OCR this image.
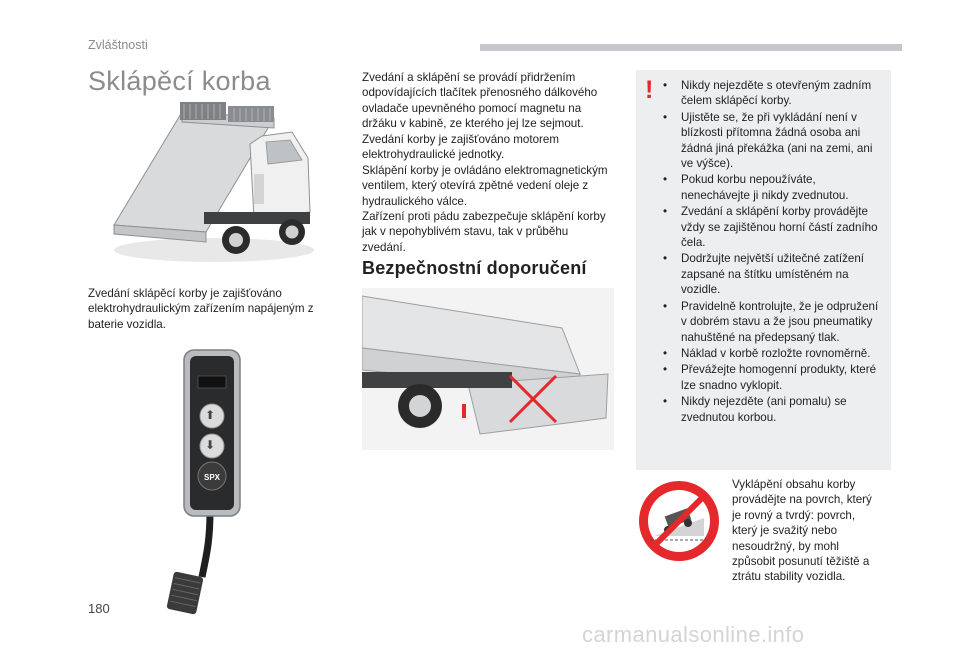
Zvláštnosti
Sklápěcí korba

Zvedání sklápěcí korby je zajišťováno elektrohydraulickým zařízením napájeným z baterie vozidla.

SPX
⬆
⬇

Zvedání a sklápění se provádí přidržením odpovídajících tlačítek přenosného dálkového ovladače upevněného pomocí magnetu na držáku v kabině, ze kterého jej lze sejmout.

Zvedání korby je zajišťováno motorem elektrohydraulické jednotky.

Sklápění korby je ovládáno elektromagnetickým ventilem, který otevírá zpětné vedení oleje z hydraulického válce.

Zařízení proti pádu zabezpečuje sklápění korby jak v nepohyblivém stavu, tak v průběhu zvedání.

Bezpečnostní doporučení
! • Nikdy nejezděte s otevřeným zadním čelem sklápěcí korby.
• Ujistěte se, že při vykládání není v blízkosti přítomna žádná osoba ani žádná jiná překážka (ani na zemi, ani ve výšce).
• Pokud korbu nepoužíváte, nenechávejte ji nikdy zvednutou.
• Zvedání a sklápění korby provádějte vždy se zajištěnou horní částí zadního čela.
• Dodržujte největší užitečné zatížení zapsané na štítku umístěném na vozidle.
• Pravidelně kontrolujte, že je odpružení v dobrém stavu a že jsou pneumatiky nahuštěné na předepsaný tlak.
• Náklad v korbě rozložte rovnoměrně.
• Převážejte homogenní produkty, které lze snadno vyklopit.
• Nikdy nejezděte (ani pomalu) se zvednutou korbou.

Vyklápění obsahu korby provádějte na povrch, který je rovný a tvrdý: povrch, který je svažitý nebo nesoudržný, by mohl způsobit posunutí těžiště a ztrátu stability vozidla.

180
carmanualsonline.info
